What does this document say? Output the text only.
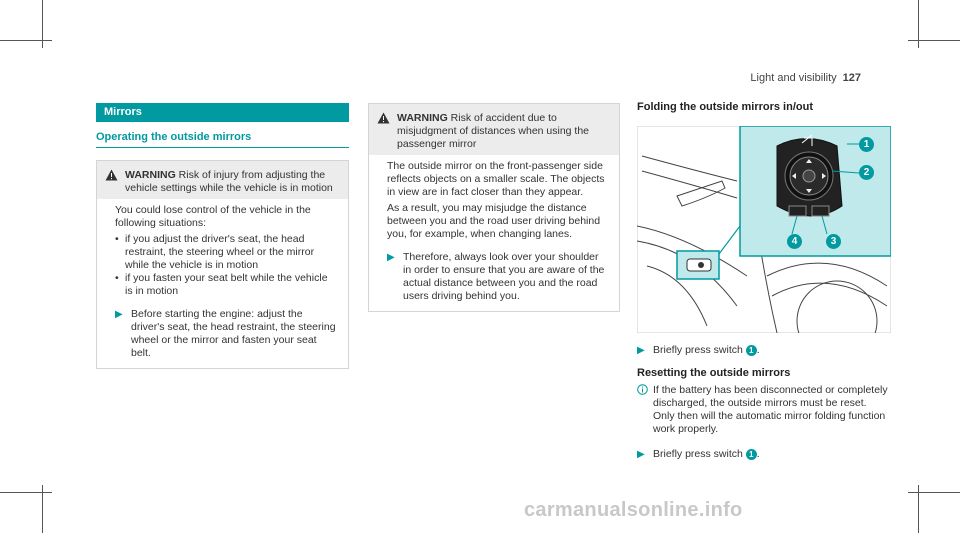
Light and visibility 127
Mirrors
Operating the outside mirrors
WARNING Risk of injury from adjusting the vehicle settings while the vehicle is in motion

You could lose control of the vehicle in the following situations:

• if you adjust the driver's seat, the head restraint, the steering wheel or the mirror while the vehicle is in motion
• if you fasten your seat belt while the vehicle is in motion
▶ Before starting the engine: adjust the driver's seat, the head restraint, the steering wheel or the mirror and fasten your seat belt.
WARNING Risk of accident due to misjudgment of distances when using the passenger mirror

The outside mirror on the front-passenger side reflects objects on a smaller scale. The objects in view are in fact closer than they appear.

As a result, you may misjudge the distance between you and the road user driving behind you, for example, when changing lanes.

▶ Therefore, always look over your shoulder in order to ensure that you are aware of the actual distance between you and the road users driving behind you.
Folding the outside mirrors in/out
1
2
3
4
▶ Briefly press switch 1 .
Resetting the outside mirrors
If the battery has been disconnected or completely discharged, the outside mirrors must be reset. Only then will the automatic mirror folding function work properly.
▶ Briefly press switch 1 .
carmanualsonline.info
